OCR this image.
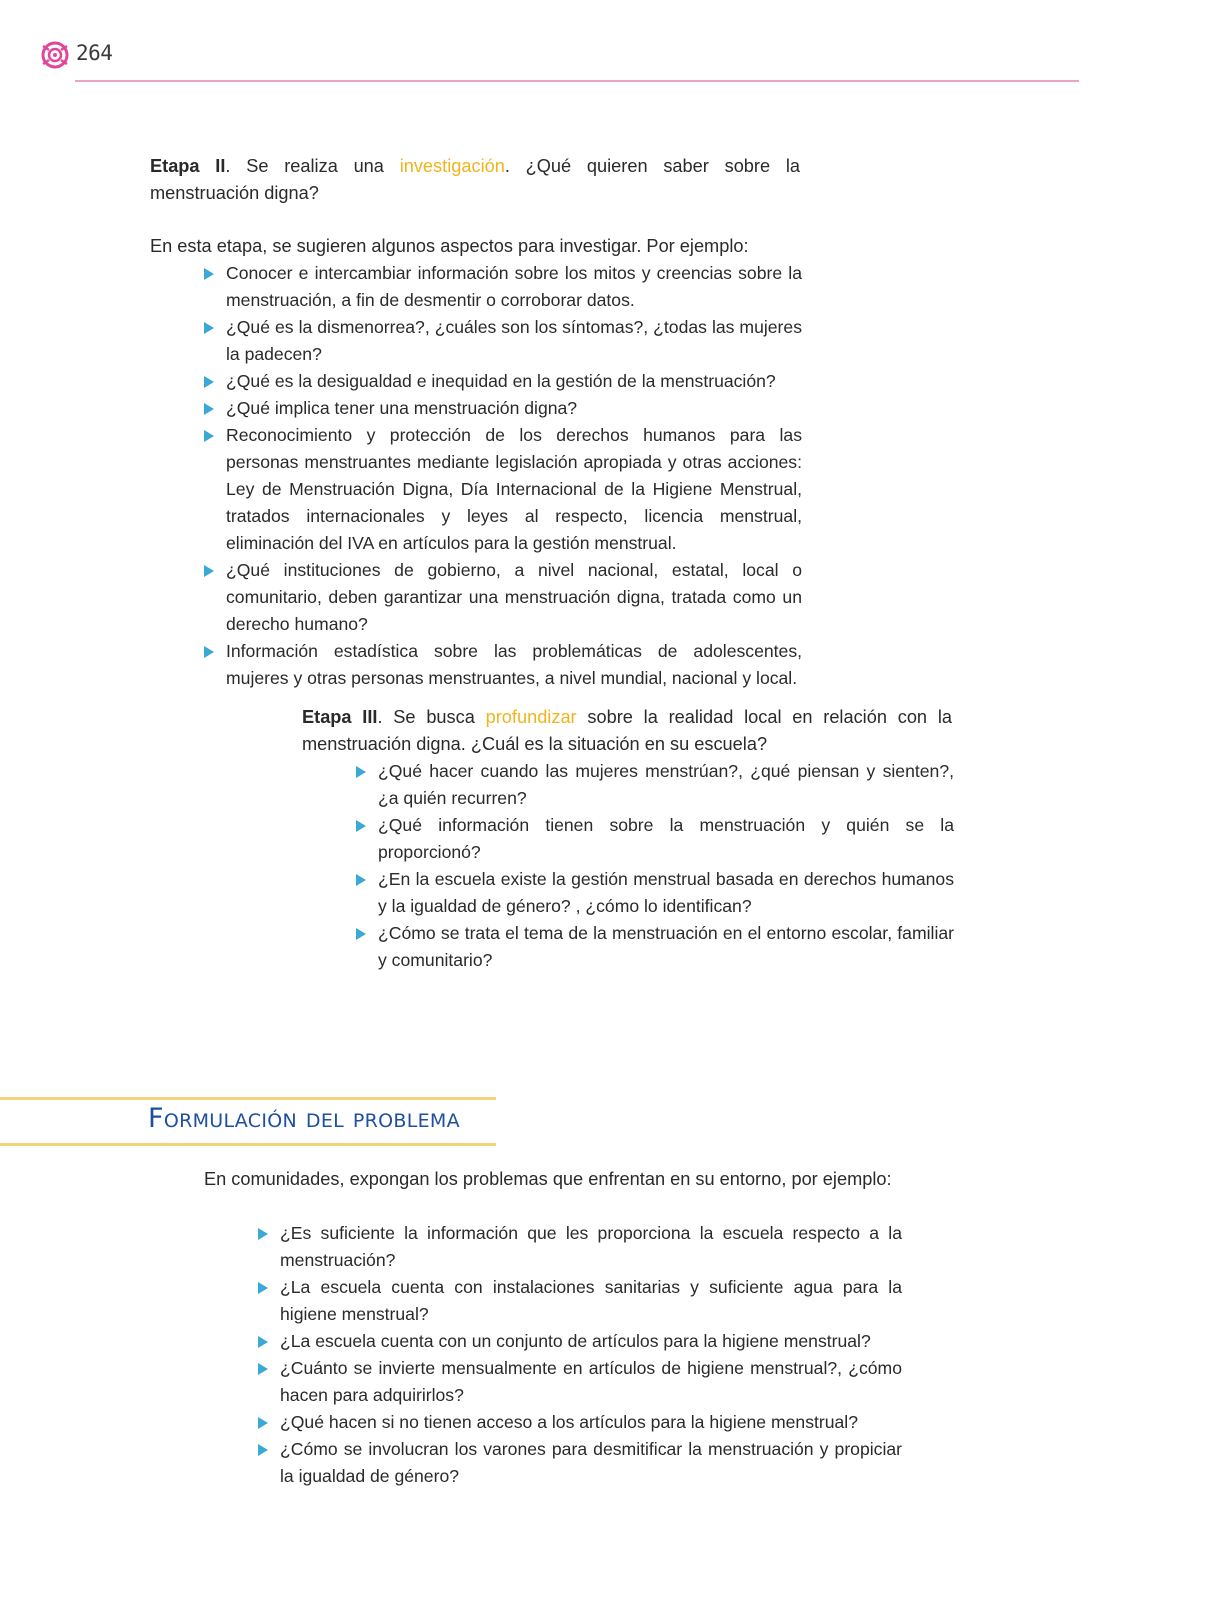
264
Etapa II. Se realiza una investigación. ¿Qué quieren saber sobre la menstruación digna?
En esta etapa, se sugieren algunos aspectos para investigar. Por ejemplo:
Conocer e intercambiar información sobre los mitos y creencias sobre la menstruación, a fin de desmentir o corroborar datos.
¿Qué es la dismenorrea?, ¿cuáles son los síntomas?, ¿todas las mujeres la padecen?
¿Qué es la desigualdad e inequidad en la gestión de la menstruación?
¿Qué implica tener una menstruación digna?
Reconocimiento y protección de los derechos humanos para las personas menstruantes mediante legislación apropiada y otras acciones: Ley de Menstruación Digna, Día Internacional de la Higiene Menstrual, tratados internacionales y leyes al respecto, licencia menstrual, eliminación del IVA en artículos para la gestión menstrual.
¿Qué instituciones de gobierno, a nivel nacional, estatal, local o comunitario, deben garantizar una menstruación digna, tratada como un derecho humano?
Información estadística sobre las problemáticas de adolescentes, mujeres y otras personas menstruantes, a nivel mundial, nacional y local.
Etapa III. Se busca profundizar sobre la realidad local en relación con la menstruación digna. ¿Cuál es la situación en su escuela?
¿Qué hacer cuando las mujeres menstrúan?, ¿qué piensan y sienten?, ¿a quién recurren?
¿Qué información tienen sobre la menstruación y quién se la proporcionó?
¿En la escuela existe la gestión menstrual basada en derechos humanos y la igualdad de género? , ¿cómo lo identifican?
¿Cómo se trata el tema de la menstruación en el entorno escolar, familiar y comunitario?
Formulación del problema
En comunidades, expongan los problemas que enfrentan en su entorno, por ejemplo:
¿Es suficiente la información que les proporciona la escuela respecto a la menstruación?
¿La escuela cuenta con instalaciones sanitarias y suficiente agua para la higiene menstrual?
¿La escuela cuenta con un conjunto de artículos para la higiene menstrual?
¿Cuánto se invierte mensualmente en artículos de higiene menstrual?, ¿cómo hacen para adquirirlos?
¿Qué hacen si no tienen acceso a los artículos para la higiene menstrual?
¿Cómo se involucran los varones para desmitificar la menstruación y propiciar la igualdad de género?
